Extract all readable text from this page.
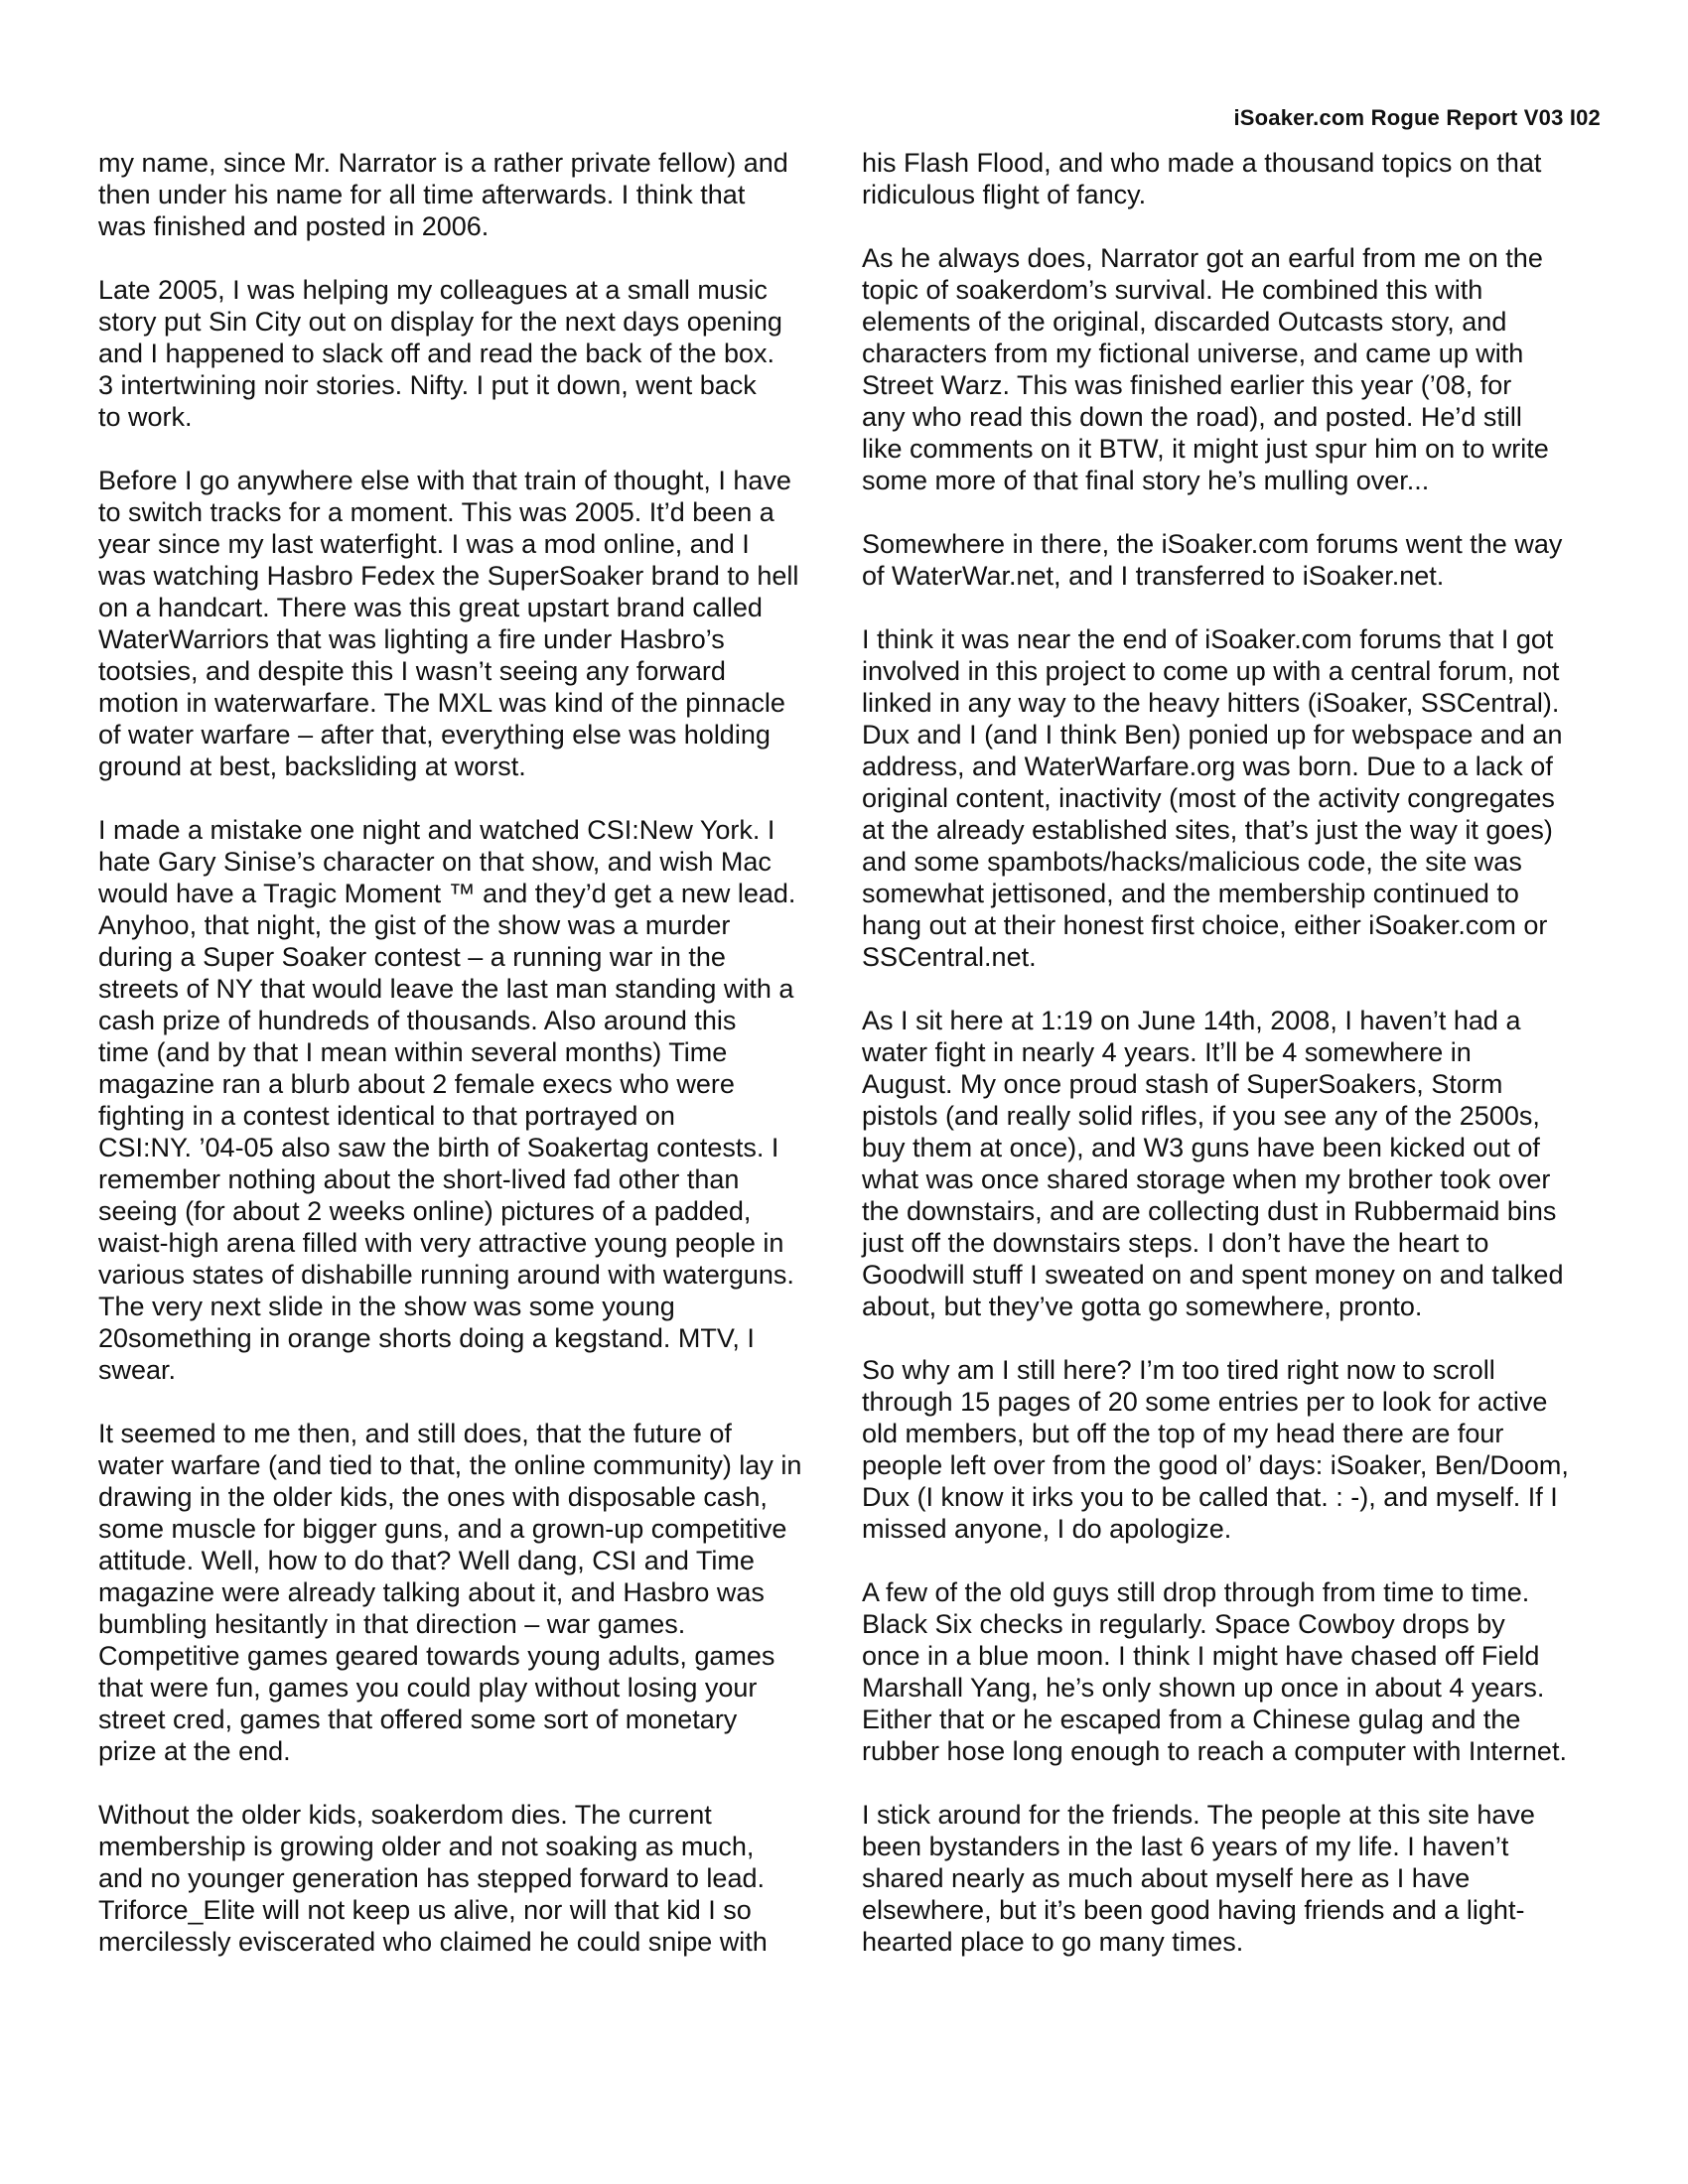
iSoaker.com Rogue Report V03 I02

my name, since Mr. Narrator is a rather private fellow) and
then under his name for all time afterwards. I think that
was finished and posted in 2006.

Late 2005, I was helping my colleagues at a small music
story put Sin City out on display for the next days opening
and I happened to slack off and read the back of the box.
3 intertwining noir stories. Nifty. I put it down, went back
to work.

Before I go anywhere else with that train of thought, I have
to switch tracks for a moment. This was 2005. It’d been a
year since my last waterfight. I was a mod online, and I
was watching Hasbro Fedex the SuperSoaker brand to hell
on a handcart. There was this great upstart brand called
WaterWarriors that was lighting a fire under Hasbro’s
tootsies, and despite this I wasn’t seeing any forward
motion in waterwarfare. The MXL was kind of the pinnacle
of water warfare – after that, everything else was holding
ground at best, backsliding at worst.

I made a mistake one night and watched CSI:New York. I
hate Gary Sinise’s character on that show, and wish Mac
would have a Tragic Moment ™ and they’d get a new lead.
Anyhoo, that night, the gist of the show was a murder
during a Super Soaker contest – a running war in the
streets of NY that would leave the last man standing with a
cash prize of hundreds of thousands. Also around this
time (and by that I mean within several months) Time
magazine ran a blurb about 2 female execs who were
fighting in a contest identical to that portrayed on
CSI:NY. ’04-05 also saw the birth of Soakertag contests. I
remember nothing about the short-lived fad other than
seeing (for about 2 weeks online) pictures of a padded,
waist-high arena filled with very attractive young people in
various states of dishabille running around with waterguns.
The very next slide in the show was some young
20something in orange shorts doing a kegstand. MTV, I
swear.

It seemed to me then, and still does, that the future of
water warfare (and tied to that, the online community) lay in
drawing in the older kids, the ones with disposable cash,
some muscle for bigger guns, and a grown-up competitive
attitude. Well, how to do that? Well dang, CSI and Time
magazine were already talking about it, and Hasbro was
bumbling hesitantly in that direction – war games.
Competitive games geared towards young adults, games
that were fun, games you could play without losing your
street cred, games that offered some sort of monetary
prize at the end.

Without the older kids, soakerdom dies. The current
membership is growing older and not soaking as much,
and no younger generation has stepped forward to lead.
Triforce_Elite will not keep us alive, nor will that kid I so
mercilessly eviscerated who claimed he could snipe with

his Flash Flood, and who made a thousand topics on that
ridiculous flight of fancy.

As he always does, Narrator got an earful from me on the
topic of soakerdom’s survival. He combined this with
elements of the original, discarded Outcasts story, and
characters from my fictional universe, and came up with
Street Warz. This was finished earlier this year (’08, for
any who read this down the road), and posted. He’d still
like comments on it BTW, it might just spur him on to write
some more of that final story he’s mulling over...

Somewhere in there, the iSoaker.com forums went the way
of WaterWar.net, and I transferred to iSoaker.net.

I think it was near the end of iSoaker.com forums that I got
involved in this project to come up with a central forum, not
linked in any way to the heavy hitters (iSoaker, SSCentral).
Dux and I (and I think Ben) ponied up for webspace and an
address, and WaterWarfare.org was born. Due to a lack of
original content, inactivity (most of the activity congregates
at the already established sites, that’s just the way it goes)
and some spambots/hacks/malicious code, the site was
somewhat jettisoned, and the membership continued to
hang out at their honest first choice, either iSoaker.com or
SSCentral.net.

As I sit here at 1:19 on June 14th, 2008, I haven’t had a
water fight in nearly 4 years. It’ll be 4 somewhere in
August. My once proud stash of SuperSoakers, Storm
pistols (and really solid rifles, if you see any of the 2500s,
buy them at once), and W3 guns have been kicked out of
what was once shared storage when my brother took over
the downstairs, and are collecting dust in Rubbermaid bins
just off the downstairs steps. I don’t have the heart to
Goodwill stuff I sweated on and spent money on and talked
about, but they’ve gotta go somewhere, pronto.

So why am I still here? I’m too tired right now to scroll
through 15 pages of 20 some entries per to look for active
old members, but off the top of my head there are four
people left over from the good ol’ days: iSoaker, Ben/Doom,
Dux (I know it irks you to be called that. : -), and myself. If I
missed anyone, I do apologize.

A few of the old guys still drop through from time to time.
Black Six checks in regularly. Space Cowboy drops by
once in a blue moon. I think I might have chased off Field
Marshall Yang, he’s only shown up once in about 4 years.
Either that or he escaped from a Chinese gulag and the
rubber hose long enough to reach a computer with Internet.

I stick around for the friends. The people at this site have
been bystanders in the last 6 years of my life. I haven’t
shared nearly as much about myself here as I have
elsewhere, but it’s been good having friends and a light-
hearted place to go many times.
